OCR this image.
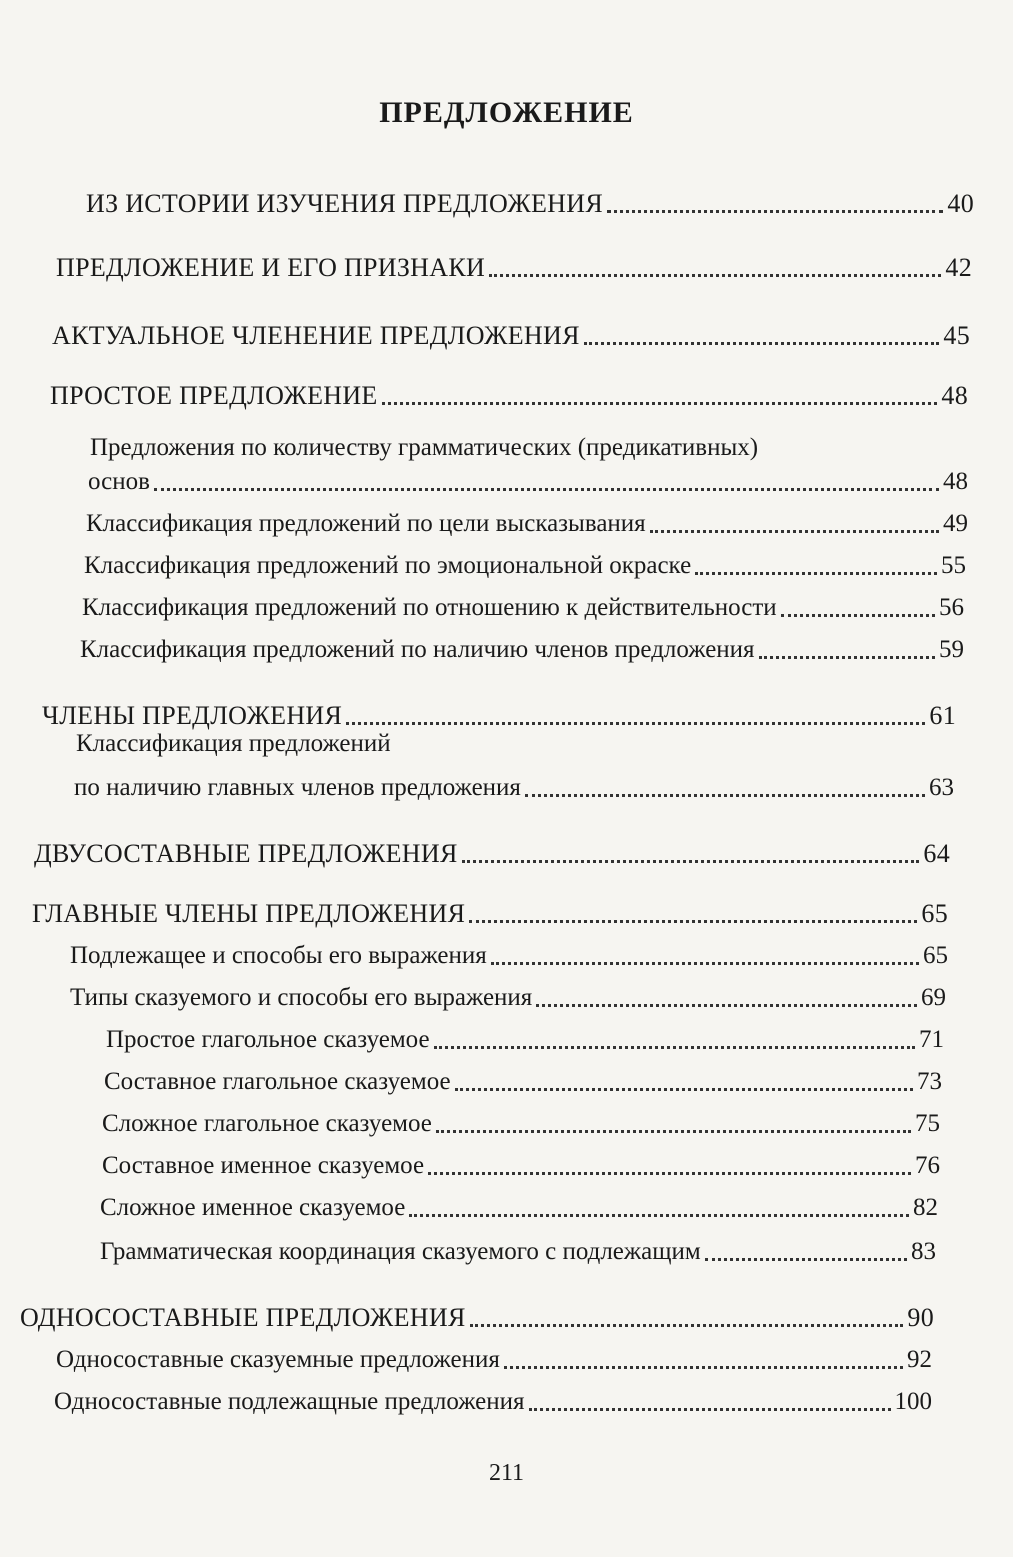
ПРЕДЛОЖЕНИЕ
ИЗ ИСТОРИИ ИЗУЧЕНИЯ ПРЕДЛОЖЕНИЯ	40
ПРЕДЛОЖЕНИЕ И ЕГО ПРИЗНАКИ	42
АКТУАЛЬНОЕ ЧЛЕНЕНИЕ ПРЕДЛОЖЕНИЯ	45
ПРОСТОЕ ПРЕДЛОЖЕНИЕ	48
Предложения по количеству грамматических (предикативных)
основ	48
Классификация предложений по цели высказывания	49
Классификация предложений по эмоциональной окраске	55
Классификация предложений по отношению к действительности	56
Классификация предложений по наличию членов предложения	59
ЧЛЕНЫ ПРЕДЛОЖЕНИЯ	61
Классификация предложений
по наличию главных членов предложения	63
ДВУСОСТАВНЫЕ ПРЕДЛОЖЕНИЯ	64
ГЛАВНЫЕ ЧЛЕНЫ ПРЕДЛОЖЕНИЯ	65
Подлежащее и способы его выражения	65
Типы сказуемого и способы его выражения	69
Простое глагольное сказуемое	71
Составное глагольное сказуемое	73
Сложное глагольное сказуемое	75
Составное именное сказуемое	76
Сложное именное сказуемое	82
Грамматическая координация сказуемого с подлежащим	83
ОДНОСОСТАВНЫЕ ПРЕДЛОЖЕНИЯ	90
Односоставные сказуемные предложения	92
Односоставные подлежащные предложения	100
211
